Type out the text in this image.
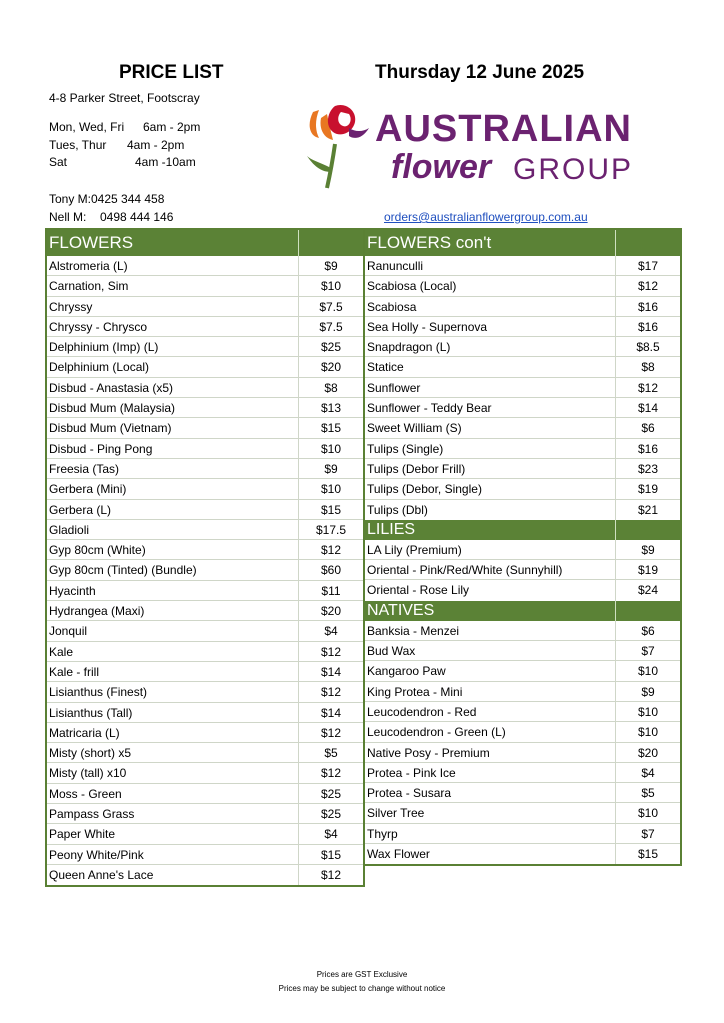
PRICE LIST	Thursday 12 June 2025
4-8 Parker Street, Footscray
Mon, Wed, Fri 6am - 2pm
Tues, Thur 4am - 2pm
Sat	4am -10am
Tony M:0425 344 458
Nell M: 0498 444 146	orders@australianflowergroup.com.au
AUSTRALIAN
flower GROUP
FLOWERS
Alstromeria (L)	$9
Carnation, Sim	$10
Chryssy	$7.5
Chryssy - Chrysco	$7.5
Delphinium (Imp) (L)	$25
Delphinium (Local)	$20
Disbud - Anastasia (x5)	$8
Disbud Mum (Malaysia)	$13
Disbud Mum (Vietnam)	$15
Disbud - Ping Pong	$10
Freesia (Tas)	$9
Gerbera (Mini)	$10
Gerbera (L)	$15
Gladioli	$17.5
Gyp 80cm (White)	$12
Gyp 80cm (Tinted) (Bundle)	$60
Hyacinth	$11
Hydrangea (Maxi)	$20
Jonquil	$4
Kale	$12
Kale - frill	$14
Lisianthus (Finest)	$12
Lisianthus (Tall)	$14
Matricaria (L)	$12
Misty (short) x5	$5
Misty (tall) x10	$12
Moss - Green	$25
Pampass Grass	$25
Paper White	$4
Peony White/Pink	$15
Queen Anne's Lace	$12
FLOWERS con't
Ranunculli	$17
Scabiosa (Local)	$12
Scabiosa	$16
Sea Holly - Supernova	$16
Snapdragon (L)	$8.5
Statice	$8
Sunflower	$12
Sunflower - Teddy Bear	$14
Sweet William (S)	$6
Tulips (Single)	$16
Tulips (Debor Frill)	$23
Tulips (Debor, Single)	$19
Tulips (Dbl)	$21
LILIES
LA Lily (Premium)	$9
Oriental - Pink/Red/White (Sunnyhill)	$19
Oriental - Rose Lily	$24
NATIVES
Banksia - Menzei	$6
Bud Wax	$7
Kangaroo Paw	$10
King Protea - Mini	$9
Leucodendron - Red	$10
Leucodendron - Green (L)	$10
Native Posy - Premium	$20
Protea - Pink Ice	$4
Protea - Susara	$5
Silver Tree	$10
Thyrp	$7
Wax Flower	$15
Prices are GST Exclusive
Prices may be subject to change without notice
